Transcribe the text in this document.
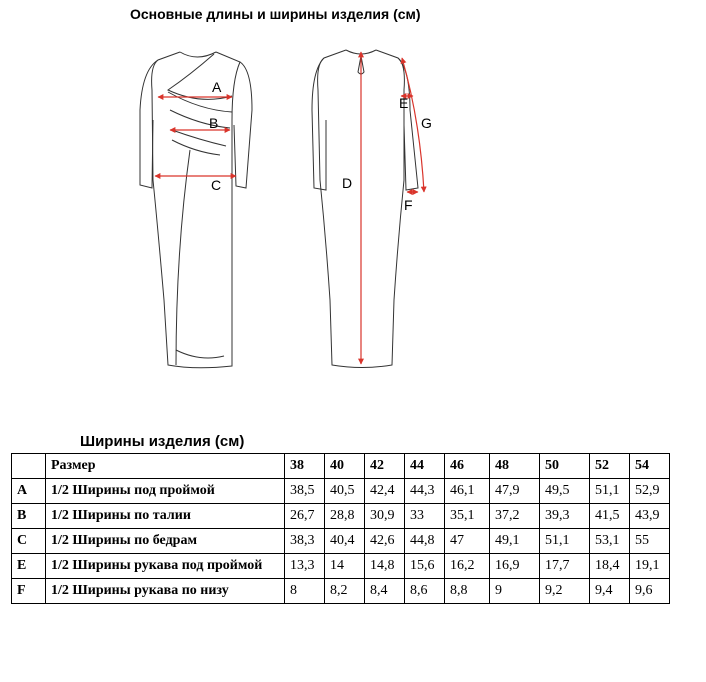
Основные длины и ширины изделия (см)
A
B
C	D
E
F
G
Ширины изделия (см)
	Размер	38	40	42	44	46	48	50	52	54
A	1/2 Ширины под проймой	38,5	40,5	42,4	44,3	46,1	47,9	49,5	51,1	52,9
B	1/2 Ширины по талии	26,7	28,8	30,9	33	35,1	37,2	39,3	41,5	43,9
C	1/2 Ширины по бедрам	38,3	40,4	42,6	44,8	47	49,1	51,1	53,1	55
E	1/2 Ширины рукава под проймой	13,3	14	14,8	15,6	16,2	16,9	17,7	18,4	19,1
F	1/2 Ширины рукава по низу	8	8,2	8,4	8,6	8,8	9	9,2	9,4	9,6
